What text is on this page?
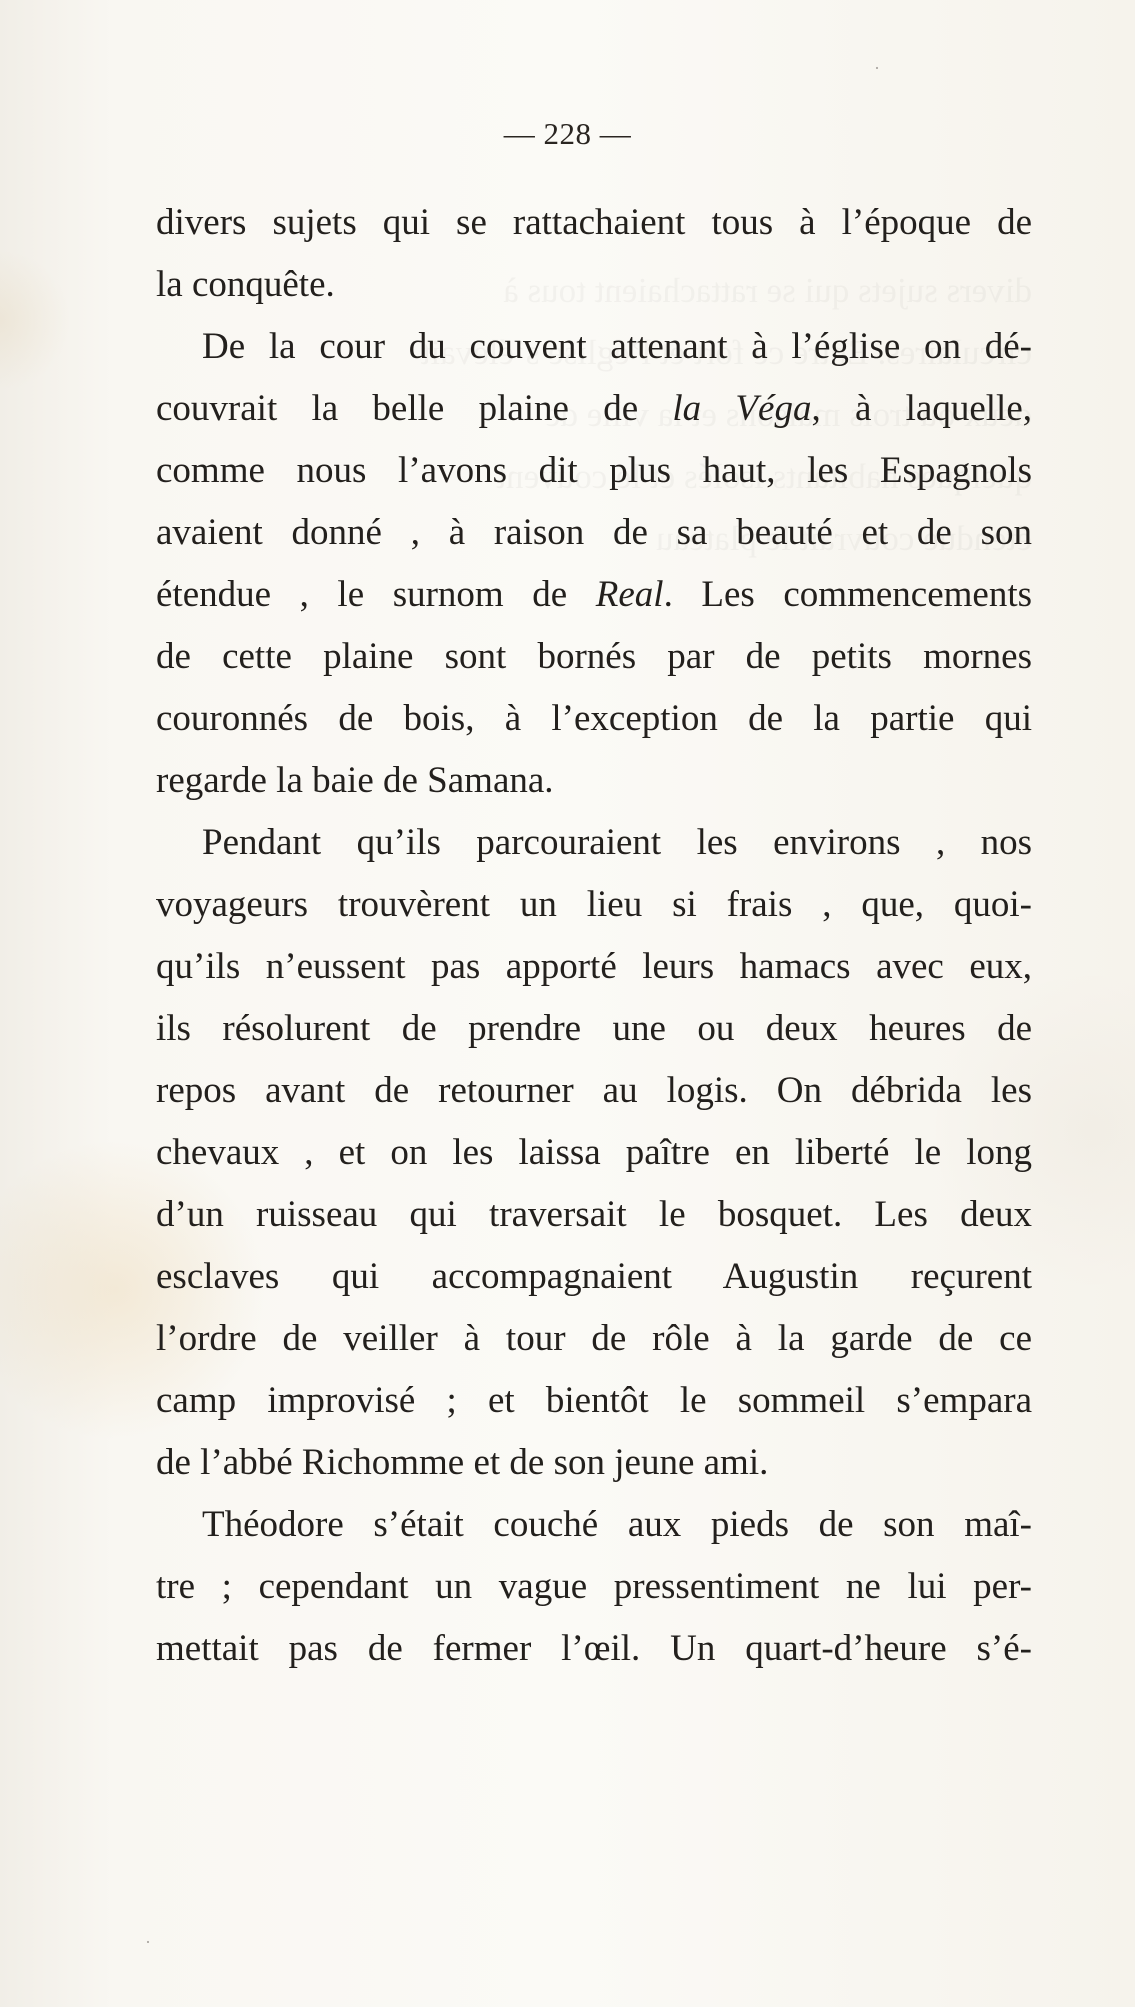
— 228 —
divers sujets qui se rattachaient tous à l’époque de
la conquête.
De la cour du couvent attenant à l’église on dé-
couvrait la belle plaine de la Véga, à laquelle,
comme nous l’avons dit plus haut, les Espagnols
avaient donné , à raison de sa beauté et de son
étendue , le surnom de Real. Les commencements
de cette plaine sont bornés par de petits mornes
couronnés de bois, à l’exception de la partie qui
regarde la baie de Samana.
Pendant qu’ils parcouraient les environs , nos
voyageurs trouvèrent un lieu si frais , que, quoi-
qu’ils n’eussent pas apporté leurs hamacs avec eux,
ils résolurent de prendre une ou deux heures de
repos avant de retourner au logis. On débrida les
chevaux , et on les laissa paître en liberté le long
d’un ruisseau qui traversait le bosquet. Les deux
esclaves qui accompagnaient Augustin reçurent
l’ordre de veiller à tour de rôle à la garde de ce
camp improvisé ; et bientôt le sommeil s’empara
de l’abbé Richomme et de son jeune ami.
Théodore s’était couché aux pieds de son maî-
tre ; cependant un vague pressentiment ne lui per-
mettait pas de fermer l’œil. Un quart-d’heure s’é-
·
·
